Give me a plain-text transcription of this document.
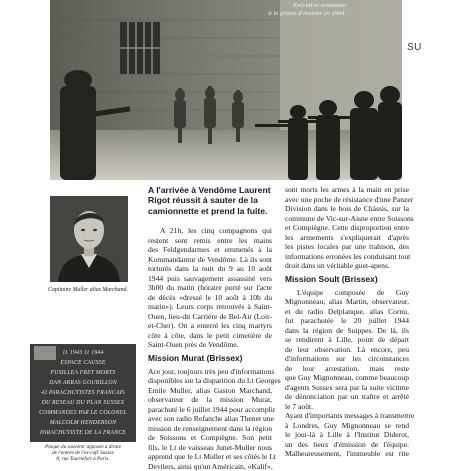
Exécution sommaire
à la prison d'Amiens en 1944.
SU
A l'arrivée à Vendôme Laurent Rigot réussit à sauter de la camionnette et prend la fuite.
Capitaine Muller alias Marchand.
11 1943 11 1944
ESPACE CAUSSE
FUSILLEA FRET MORTS
DAN ARRAS GOUBILLON
42 PARACHUTISTES FRANCAIS
DU RESEAU DU PLAN SUSSEX
COMMANDES PAR LE COLONEL
MALCOLM HENDERSON
PARACHUTISTE DE LA FRANCE
Plaque du souvenir apposée à droite
de l'entrée de l'ex-café Sussex
8, rue Tournefort à Paris.
A 21h, les cinq compagnons qui
restent sont remis entre les mains
des Feldgendarmes et emmenés à la
Kommandantur de Vendôme. Là ils sont
torturés dans la nuit du 9 au 10 août
1944 puis sauvagement assassiné vers
3h00 du matin (horaire porté sur l'acte
de décès «dressé le 10 août à 10h du
matin»). Leurs corps retrouvés à Saint-
Ouen, lieu-dit Carrière de Bel-Air (Loir-
et-Cher). On a enterré les cinq martyrs
côte à côte, dans le petit cimetière de
Saint-Ouen près de Vendôme.
Mission Murat (Brissex)
Ace jour, toujours très peu d'informations
disponibles sur la disparition du Lt Georges
Emile Muller, alias Gaston Marchand,
observateur de la mission Murat,
parachuté le 6 juillet 1944 pour accomplir
avec son radio Refanche alias Thenet une
mission de renseignement dans la région
de Soissons et Compiègne. Son petit
fils, le Lt de vaisseau Junet-Muller nous
apprend que le Lt Muller et ses côtés le Lt
Devilers, ainsi qu'un Américain, «Kalif»,
sont morts les armes à la main en prise
avec une poche de résistance d'une Panzer
Division dans le bois de Chássis, sur la
commune de Vic-sur-Aisne entre Soissons
et Compiègne. Cette disproportion entre
les armements s'expliquerait d'après
les pistes locales par une trahison, des
informations erronées les conduisant tout
droit dans un véritable guet-apens.
Mission Soult (Brissex)
L'équipe composée de Guy
Mignonneau, alias Martin, observateur,
et du radio Delplanque, alias Cornu,
fut parachutée le 20 juillet 1944
dans la région de Suippes. De là, ils
se rendirent à Lille, point de départ
de leur observation. Là encore, peu
d'informations sur les circonstances
de leur arrestation, mais reste
que Guy Mignonneau, comme beaucoup
d'agents Sussex sera par la suite victime
de dénonciation par un traître et arrêté
le 7 août.
Ayant d'importants messages à transmettre
à Londres, Guy Mignonneau se rend
le jour-là à Lille à l'Institut Diderot,
un des lieux d'émission de l'équipe.
Malheureusement, l'immeuble est rite
